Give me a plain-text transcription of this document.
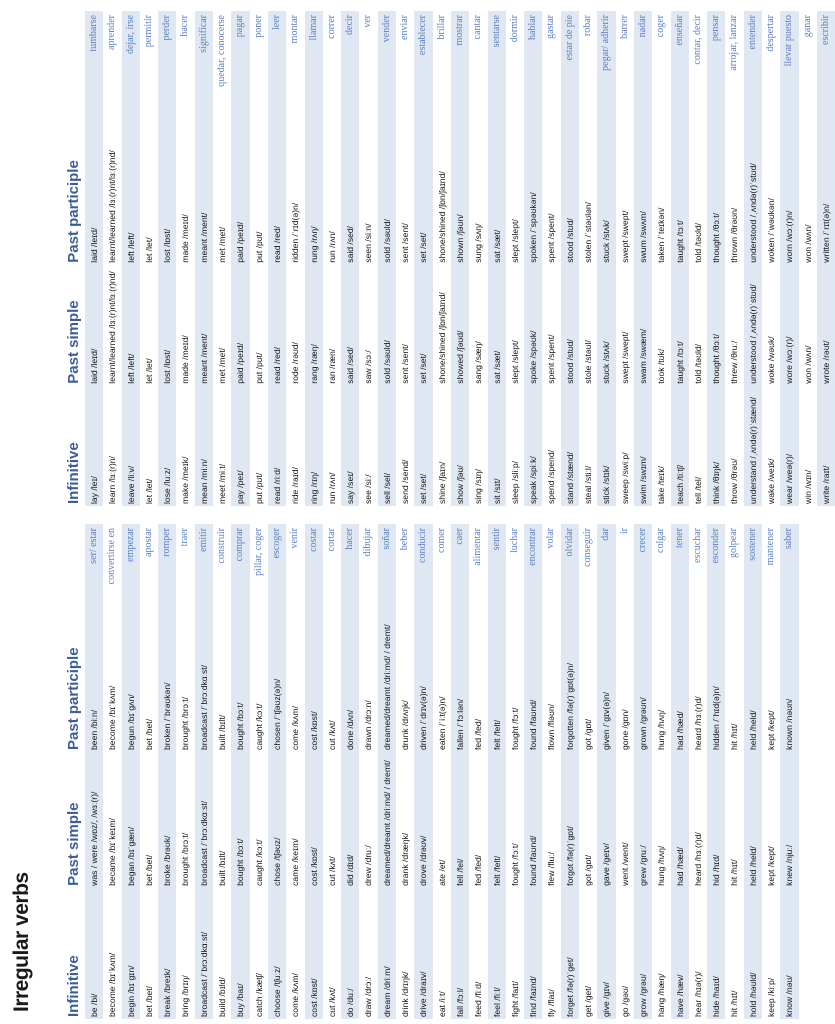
Irregular verbs Infinitive	Past simple	Past participle	
be /bi/	was / were /wɒz/, /wɜː(r)/	been /biːn/	ser/ estar
become /bɪˈkʌm/	became /bɪˈkeɪm/	become /bɪˈkʌm/	convertirse en
begin /bɪˈgɪn/	began /bɪˈgæn/	begun /bɪˈgʌn/	empezar
bet /bet/	bet /bet/	bet /bet/	apostar
break /breɪk/	broke /brəʊk/	broken /ˈbrəʊkən/	romper
bring /brɪŋ/	brought /brɔːt/	brought /brɔːt/	traer
broadcast /ˈbrɔːdkɑːst/	broadcast /ˈbrɔːdkɑːst/	broadcast /ˈbrɔːdkɑːst/	emitir
build /bɪld/	built /bɪlt/	built /bɪlt/	construir
buy /baɪ/	bought /bɔːt/	bought /bɔːt/	comprar
catch /kætʃ/	caught /kɔːt/	caught /kɔːt/	pillar, coger
choose /tʃuːz/	chose /tʃəʊz/	chosen /ˈtʃəʊz(ə)n/	escoger
come /kʌm/	came /keɪm/	come /kʌm/	venir
cost /kɒst/	cost /kɒst/	cost /kɒst/	costar
cut /kʌt/	cut /kʌt/	cut /kʌt/	cortar
do /duː/	did /dɪd/	done /dʌn/	hacer
draw /drɔː/	drew /druː/	drawn /drɔːn/	dibujar
dream /driːm/	dreamed/dreamt /driːmd/ / dremt/	dreamed/dreamt /driːmd/ / dremt/	soñar
drink /drɪŋk/	drank /dræŋk/	drunk /drʌŋk/	beber
drive /draɪv/	drove /drəʊv/	driven /ˈdrɪv(ə)n/	conducir
eat /iːt/	ate /et/	eaten /ˈiːt(ə)n/	comer
fall /fɔːl/	fell /fel/	fallen /ˈfɔːlən/	caer
feed /fiːd/	fed /fed/	fed /fed/	alimentar
feel /fiːl/	felt /felt/	felt /felt/	sentir
fight /faɪt/	fought /fɔːt/	fought /fɔːt/	luchar
find /faɪnd/	found /faʊnd/	found /faʊnd/	encontrar
fly /flaɪ/	flew /fluː/	flown /fləʊn/	volar
forget /fə(r)ˈget/	forgot /fə(r)ˈgɒt/	forgotten /fə(r)ˈgɒt(ə)n/	olvidar
get /get/	got /gɒt/	got /gɒt/	conseguir
give /gɪv/	gave /geɪv/	given /ˈgɪv(ə)n/	dar
go /gəʊ/	went /went/	gone /gɒn/	ir
grow /grəʊ/	grew /gruː/	grown /grəʊn/	crecer
hang /hæŋ/	hung /hʌŋ/	hung /hʌŋ/	colgar
have /hæv/	had /hæd/	had /hæd/	tener
hear /hɪə(r)/	heard /hɜː(r)d/	heard /hɜː(r)d/	escuchar
hide /haɪd/	hid /hɪd/	hidden /ˈhɪd(ə)n/	esconder
hit /hɪt/	hit /hɪt/	hit /hɪt/	golpear
hold /həʊld/	held /held/	held /held/	sostener
keep /kiːp/	kept /kept/	kept /kept/	mantener
know /nəʊ/	knew /njuː/	known /nəʊn/	saber
Infinitive	Past simple	Past participle	
lay /leɪ/	laid /leɪd/	laid /leɪd/	tumbarse
learn /lɜː(r)n/	learnt/learned /lɜː(r)nt/lɜː(r)nd/	learnt/learned /lɜː(r)nt/lɜː(r)nd/	aprender
leave /liːv/	left /left/	left /left/	dejar, irse
let /let/	let /let/	let /let/	permitir
lose /luːz/	lost /lɒst/	lost /lɒst/	perder
make /meɪk/	made /meɪd/	made /meɪd/	hacer
mean /miːn/	meant /ment/	meant /ment/	significar
meet /miːt/	met /met/	met /met/	quedar, conocerse
pay /peɪ/	paid /peɪd/	paid /peɪd/	pagar
put /pʊt/	put /pʊt/	put /pʊt/	poner
read /riːd/	read /red/	read /red/	leer
ride /raɪd/	rode /rəʊd/	ridden /ˈrɪd(ə)n/	montar
ring /rɪŋ/	rang /ræŋ/	rung /rʌŋ/	llamar
run /rʌn/	ran /ræn/	run /rʌn/	correr
say /seɪ/	said /sed/	said /sed/	decir
see /siː/	saw /sɔː/	seen /siːn/	ver
sell /sel/	sold /səʊld/	sold /səʊld/	vender
send /send/	sent /sent/	sent /sent/	enviar
set /set/	set /set/	set /set/	establecer
shine /ʃaɪn/	shone/shined /ʃɒn/ʃaɪnd/	shone/shined /ʃɒn/ʃaɪnd/	brillar
show /ʃəʊ/	showed /ʃəʊd/	shown /ʃəʊn/	mostrar
sing /sɪŋ/	sang /sæŋ/	sung /sʌŋ/	cantar
sit /sɪt/	sat /sæt/	sat /sæt/	sentarse
sleep /sliːp/	slept /slept/	slept /slept/	dormir
speak /spiːk/	spoke /spəʊk/	spoken /ˈspəʊkən/	hablar
spend /spend/	spent /spent/	spent /spent/	gastar
stand /stænd/	stood /stʊd/	stood /stʊd/	estar de pie
steal /stiːl/	stole /stəʊl/	stolen /ˈstəʊlən/	robar
stick /stɪk/	stuck /stʌk/	stuck /stʌk/	pegar/ adherir
sweep /swiːp/	swept /swept/	swept /swept/	barrer
swim /swɪm/	swam /swæm/	swum /swʌm/	nadar
take /teɪk/	took /tʊk/	taken /ˈteɪkən/	coger
teach /tiːtʃ/	taught /tɔːt/	taught /tɔːt/	enseñar
tell /tel/	told /təʊld/	told /təʊld/	contar, decir
think /θɪŋk/	thought /θɔːt/	thought /θɔːt/	pensar
throw /θrəʊ/	threw /θruː/	thrown /θrəʊn/	arrojar, lanzar
understand /ˌʌndə(r)ˈstænd/	understood /ˌʌndə(r)ˈstʊd/	understood /ˌʌndə(r)ˈstʊd/	entender
wake /weɪk/	woke /wəʊk/	woken /ˈwəʊkən/	despertar
wear /weə(r)/	wore /wɔː(r)/	worn /wɔː(r)n/	llevar puesto
win /wɪn/	won /wʌn/	won /wʌn/	ganar
write /raɪt/	wrote /rəʊt/	written /ˈrɪt(ə)n/	escribir
